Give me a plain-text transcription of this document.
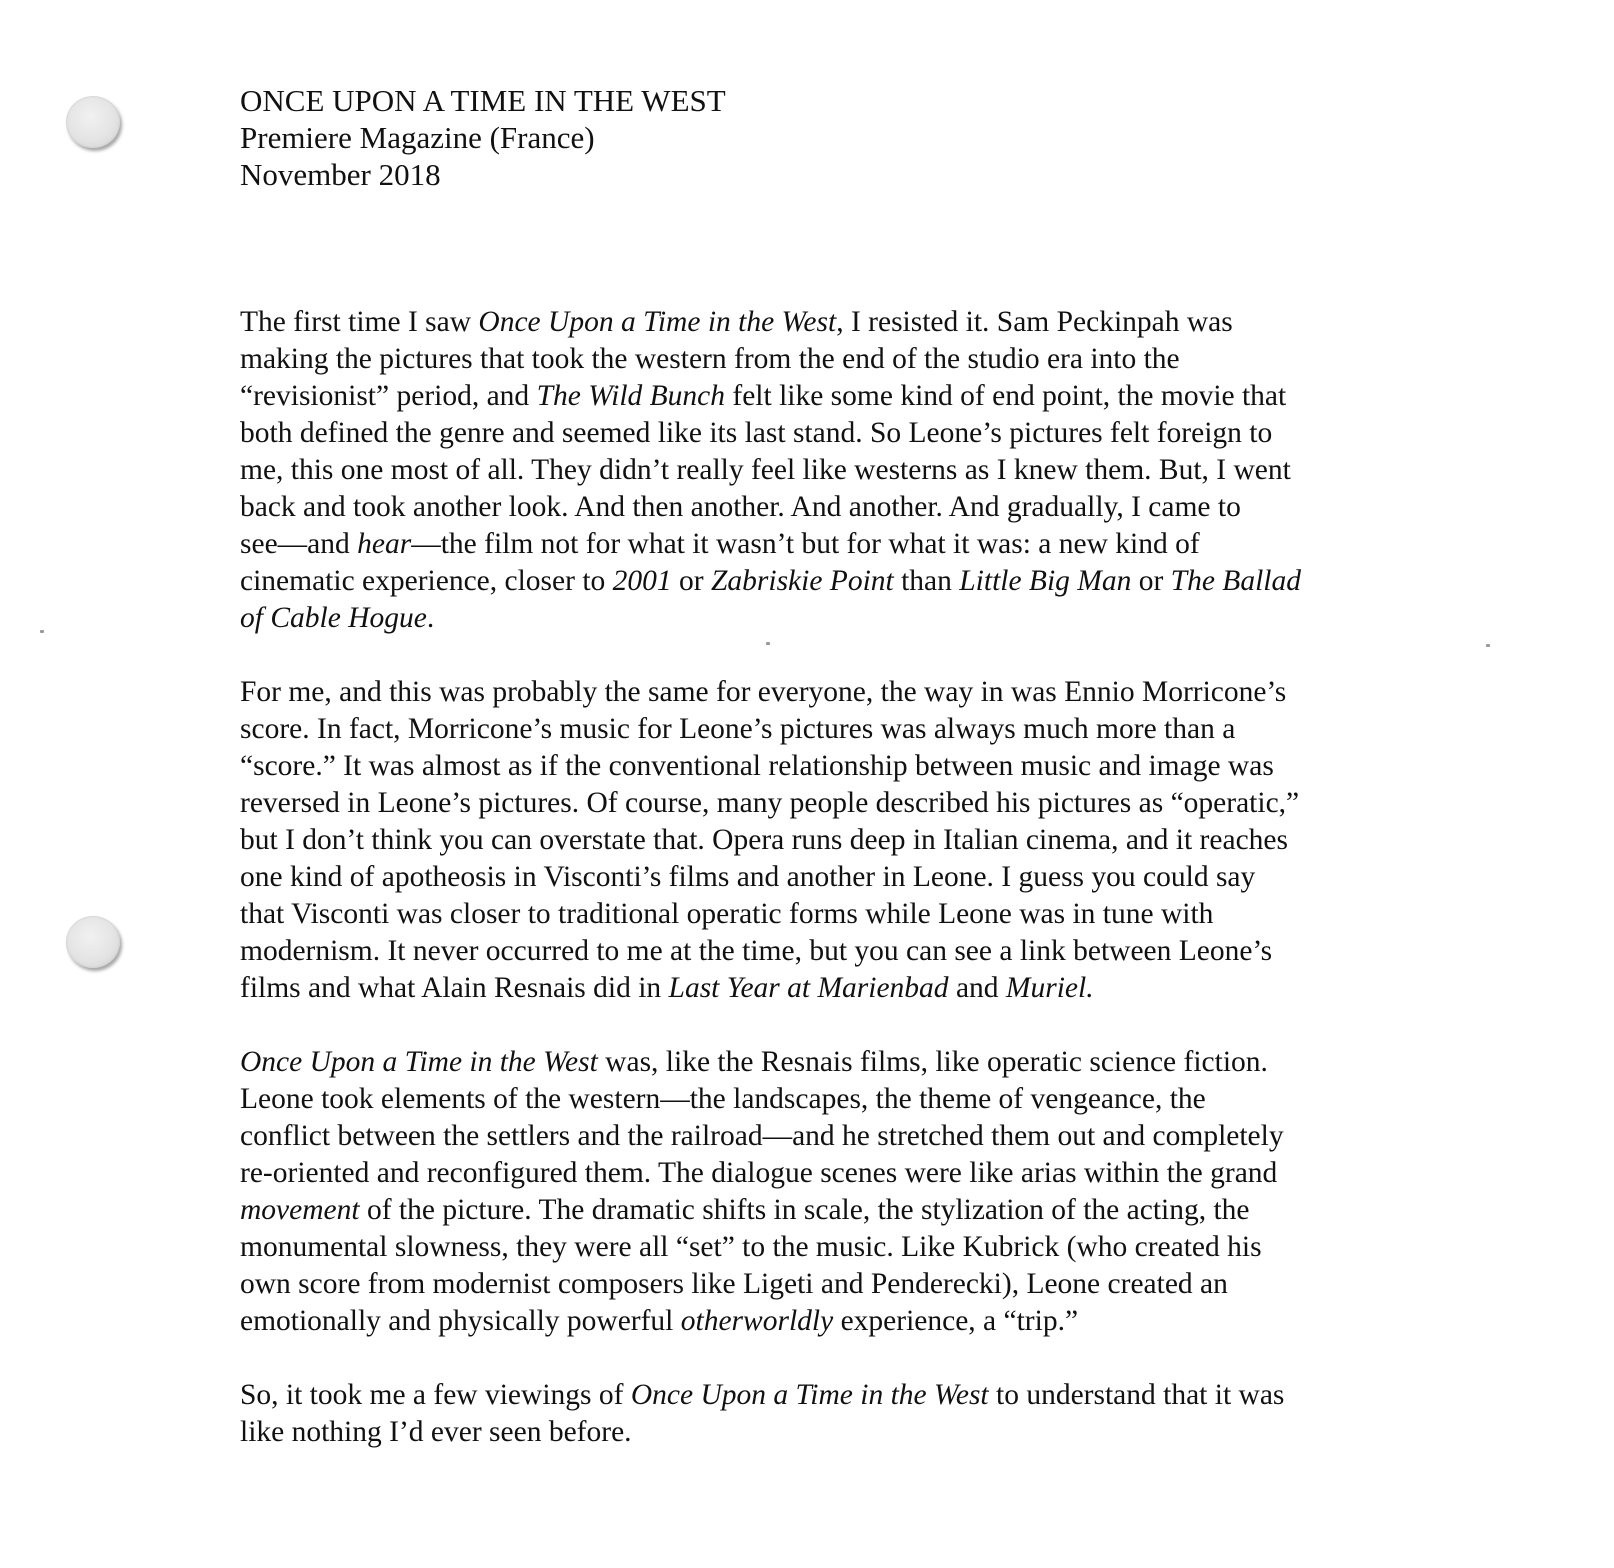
ONCE UPON A TIME IN THE WEST
Premiere Magazine (France)
November 2018

The first time I saw Once Upon a Time in the West, I resisted it. Sam Peckinpah was
making the pictures that took the western from the end of the studio era into the
“revisionist” period, and The Wild Bunch felt like some kind of end point, the movie that
both defined the genre and seemed like its last stand. So Leone’s pictures felt foreign to
me, this one most of all. They didn’t really feel like westerns as I knew them. But, I went
back and took another look. And then another. And another. And gradually, I came to
see—and hear—the film not for what it wasn’t but for what it was: a new kind of
cinematic experience, closer to 2001 or Zabriskie Point than Little Big Man or The Ballad
of Cable Hogue.

For me, and this was probably the same for everyone, the way in was Ennio Morricone’s
score. In fact, Morricone’s music for Leone’s pictures was always much more than a
“score.” It was almost as if the conventional relationship between music and image was
reversed in Leone’s pictures. Of course, many people described his pictures as “operatic,”
but I don’t think you can overstate that. Opera runs deep in Italian cinema, and it reaches
one kind of apotheosis in Visconti’s films and another in Leone. I guess you could say
that Visconti was closer to traditional operatic forms while Leone was in tune with
modernism. It never occurred to me at the time, but you can see a link between Leone’s
films and what Alain Resnais did in Last Year at Marienbad and Muriel.

Once Upon a Time in the West was, like the Resnais films, like operatic science fiction.
Leone took elements of the western—the landscapes, the theme of vengeance, the
conflict between the settlers and the railroad—and he stretched them out and completely
re-oriented and reconfigured them. The dialogue scenes were like arias within the grand
movement of the picture. The dramatic shifts in scale, the stylization of the acting, the
monumental slowness, they were all “set” to the music. Like Kubrick (who created his
own score from modernist composers like Ligeti and Penderecki), Leone created an
emotionally and physically powerful otherworldly experience, a “trip.”

So, it took me a few viewings of Once Upon a Time in the West to understand that it was
like nothing I’d ever seen before.
